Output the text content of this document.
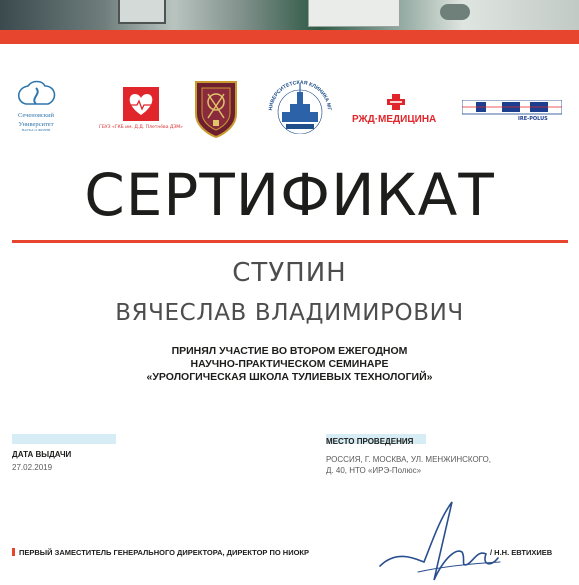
Сеченовский
Университет
НАУКА О ЖИЗНИ	ГБУЗ «ГКБ им. Д.Д. Плетнёва ДЗМ»
НИВЕРСИТЕТСКАЯ КЛИНИКА МГ
РЖД·МЕДИЦИНА	IRE-POLUS
СЕРТИФИКАТ
СТУПИН
ВЯЧЕСЛАВ ВЛАДИМИРОВИЧ
ПРИНЯЛ УЧАСТИЕ ВО ВТОРОМ ЕЖЕГОДНОМ
НАУЧНО-ПРАКТИЧЕСКОМ СЕМИНАРЕ
«УРОЛОГИЧЕСКАЯ ШКОЛА ТУЛИЕВЫХ ТЕХНОЛОГИЙ»
ДАТА ВЫДАЧИ
27.02.2019
МЕСТО ПРОВЕДЕНИЯ
РОССИЯ, Г. МОСКВА, УЛ. МЕНЖИНСКОГО,
Д. 40, НТО «ИРЭ-Полюс»
ПЕРВЫЙ ЗАМЕСТИТЕЛЬ ГЕНЕРАЛЬНОГО ДИРЕКТОРА, ДИРЕКТОР ПО НИОКР	/ Н.Н. ЕВТИХИЕВ
